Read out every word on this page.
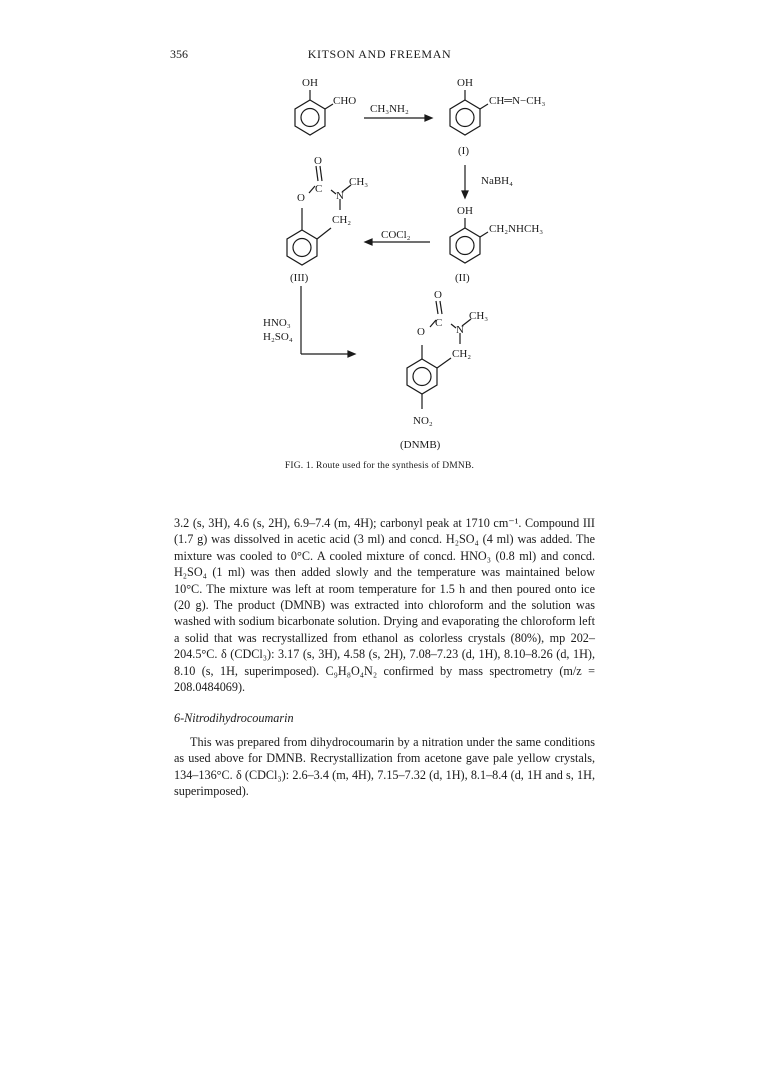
356	KITSON AND FREEMAN
OH
CHO
CH₃NH₂
OH
CH═N−CH₃
(I)
NaBH₄
OH
CH₂NHCH₃
(II)
COCl₂
O
O
C
N
CH₃
CH₂
(III)
HNO₃
H₂SO₄
O
O
C
N
CH₃
CH₂
NO₂
(DNMB)
FIG. 1. Route used for the synthesis of DMNB.

3.2 (s, 3H), 4.6 (s, 2H), 6.9–7.4 (m, 4H); carbonyl peak at 1710 cm⁻¹. Compound III (1.7 g) was dissolved in acetic acid (3 ml) and concd. H₂SO₄ (4 ml) was added. The mixture was cooled to 0°C. A cooled mixture of concd. HNO₃ (0.8 ml) and concd. H₂SO₄ (1 ml) was then added slowly and the temperature was maintained below 10°C. The mixture was left at room temperature for 1.5 h and then poured onto ice (20 g). The product (DMNB) was extracted into chloroform and the solution was washed with sodium bicarbonate solution. Drying and evaporating the chloroform left a solid that was recrystallized from ethanol as colorless crystals (80%), mp 202–204.5°C. δ (CDCl₃): 3.17 (s, 3H), 4.58 (s, 2H), 7.08–7.23 (d, 1H), 8.10–8.26 (d, 1H), 8.10 (s, 1H, superimposed). C₉H₈O₄N₂ confirmed by mass spectrometry (m/z = 208.0484069).

6-Nitrodihydrocoumarin

This was prepared from dihydrocoumarin by a nitration under the same conditions as used above for DMNB. Recrystallization from acetone gave pale yellow crystals, 134–136°C. δ (CDCl₃): 2.6–3.4 (m, 4H), 7.15–7.32 (d, 1H), 8.1–8.4 (d, 1H and s, 1H, superimposed).
